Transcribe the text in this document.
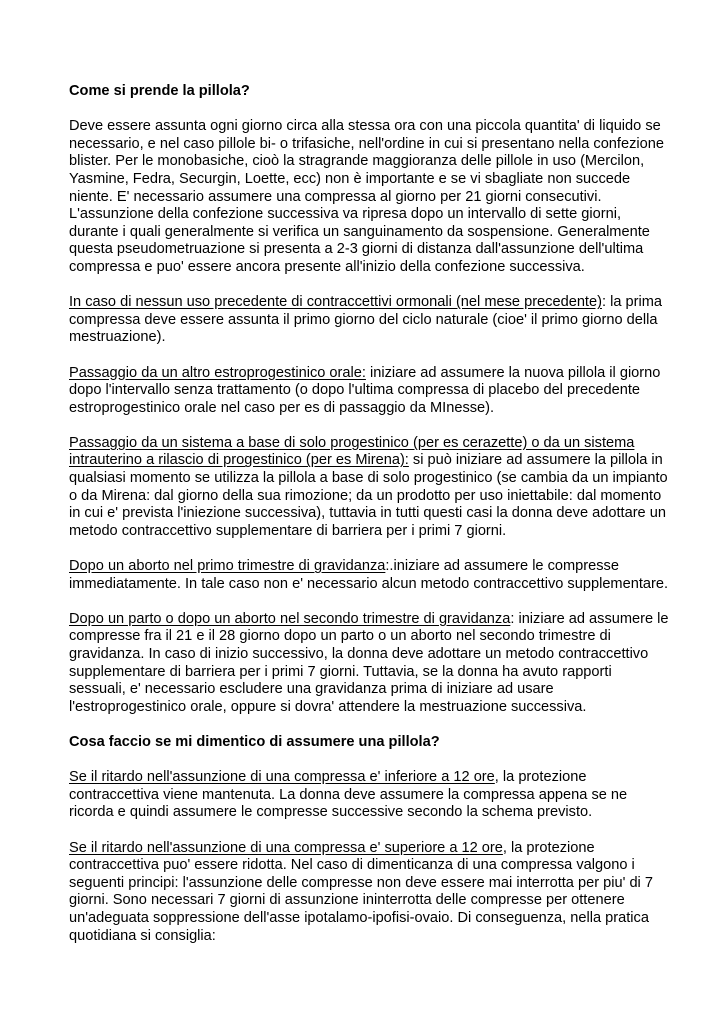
Come si prende la pillola?
Deve essere assunta ogni giorno circa alla stessa ora con una piccola quantita' di liquido se necessario, e nel caso pillole bi- o trifasiche, nell'ordine in cui si presentano nella confezione blister. Per le monobasiche, cioò la stragrande maggioranza delle pillole in uso (Mercilon, Yasmine, Fedra, Securgin, Loette, ecc) non è importante e se vi sbagliate non succede niente. E' necessario assumere una compressa al giorno per 21 giorni consecutivi. L'assunzione della confezione successiva va ripresa dopo un intervallo di sette giorni, durante i quali generalmente si verifica un sanguinamento da sospensione. Generalmente questa pseudometruazione si presenta a 2-3 giorni di distanza dall'assunzione dell'ultima compressa e puo' essere ancora presente all'inizio della confezione successiva.
In caso di nessun uso precedente di contraccettivi ormonali (nel mese precedente): la prima compressa deve essere assunta il primo giorno del ciclo naturale (cioe' il primo giorno della mestruazione).
Passaggio da un altro estroprogestinico orale: iniziare ad assumere la nuova pillola il giorno dopo l'intervallo senza trattamento (o dopo l'ultima compressa di placebo del precedente estroprogestinico orale nel caso per es di passaggio da MInesse).
Passaggio da un sistema a base di solo progestinico (per es cerazette) o da un sistema intrauterino a rilascio di progestinico (per es Mirena): si può iniziare ad assumere la pillola in qualsiasi momento se utilizza la pillola a base di solo progestinico (se cambia da un impianto o da Mirena: dal giorno della sua rimozione; da un prodotto per uso iniettabile: dal momento in cui e' prevista l'iniezione successiva), tuttavia in tutti questi casi la donna deve adottare un metodo contraccettivo supplementare di barriera per i primi 7 giorni.
Dopo un aborto nel primo trimestre di gravidanza:.iniziare ad assumere le compresse immediatamente. In tale caso non e' necessario alcun metodo contraccettivo supplementare.
Dopo un parto o dopo un aborto nel secondo trimestre di gravidanza: iniziare ad assumere le compresse fra il 21 e il 28 giorno dopo un parto o un aborto nel secondo trimestre di gravidanza. In caso di inizio successivo, la donna deve adottare un metodo contraccettivo supplementare di barriera per i primi 7 giorni. Tuttavia, se la donna ha avuto rapporti sessuali, e' necessario escludere una gravidanza prima di iniziare ad usare l'estroprogestinico orale, oppure si dovra' attendere la mestruazione successiva.
Cosa faccio se mi dimentico di assumere una pillola?
Se il ritardo nell'assunzione di una compressa e' inferiore a 12 ore, la protezione contraccettiva viene mantenuta. La donna deve assumere la compressa appena se ne ricorda e quindi assumere le compresse successive secondo la schema previsto.
Se il ritardo nell'assunzione di una compressa e' superiore a 12 ore, la protezione contraccettiva puo' essere ridotta. Nel caso di dimenticanza di una compressa valgono i seguenti principi: l'assunzione delle compresse non deve essere mai interrotta per piu' di 7 giorni. Sono necessari 7 giorni di assunzione ininterrotta delle compresse per ottenere un'adeguata soppressione dell'asse ipotalamo-ipofisi-ovaio. Di conseguenza, nella pratica quotidiana si consiglia:
